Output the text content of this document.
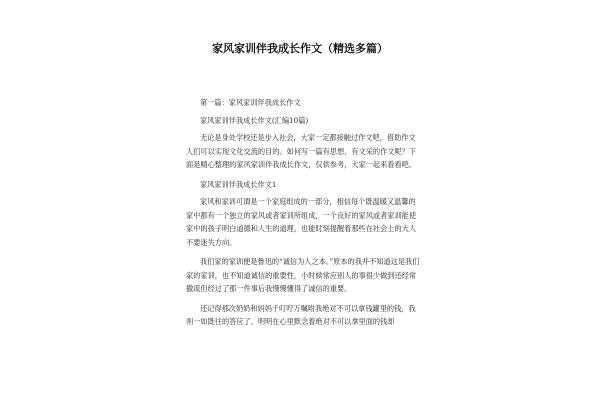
家风家训伴我成长作文（精选多篇）

第一篇：家风家训伴我成长作文

家风家训伴我成长作文(汇编10篇)

无论是身处学校还是步入社会，大家一定都接触过作文吧，借助作文人们可以实现文化交流的目的。如何写一篇有思想、有文采的作文呢？下面是精心整理的家风家训伴我成长作文，仅供参考，大家一起来看看吧。

家风家训伴我成长作文1

家风和家训可谓是一个家庭组成的一部分，相信每个既温暖又温馨的家中都有一个独立的家风或者家训所组成，一个良好的家风或者家训能使家中的孩子明白道德和人生的道理，也能时刻提醒着那些在社会上的大人不要迷失方向。

我们家的家训便是鲁迅的“诚信为人之本。”原本的我并不知道这是我们家的家训，也不知道诚信的重要性，小时候常应别人的事很少做到还经常撒谎但经过了那一件事后我慢慢懂得了诚信的重要。

还记得那次奶奶和妈妈千叮咛万嘱咐我绝对不可以拿钱罐里的钱，我则一如既往的答应了，明明在心里默念着绝对不可以拿里面的钱却
